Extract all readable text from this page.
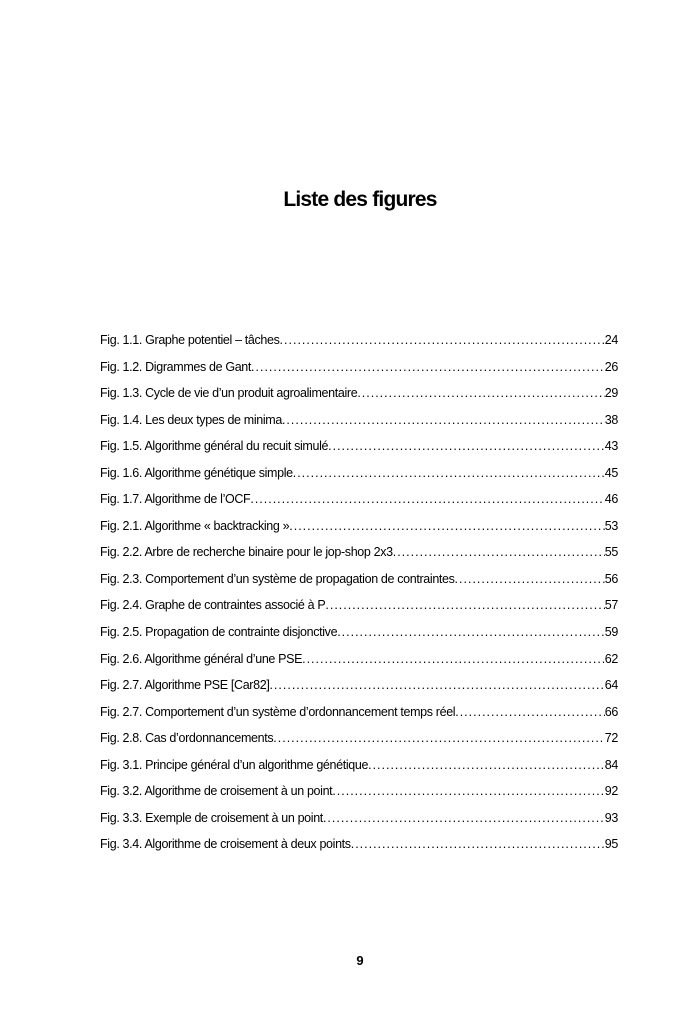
Liste des figures
Fig. 1.1. Graphe potentiel – tâches .....	24
Fig. 1.2. Digrammes de Gant .....	26
Fig. 1.3. Cycle de vie d’un produit agroalimentaire .....	29
Fig. 1.4. Les deux types de minima .....	38
Fig. 1.5. Algorithme général du recuit simulé .....	43
Fig. 1.6. Algorithme génétique simple .....	45
Fig. 1.7. Algorithme de l’OCF .....	46
Fig. 2.1. Algorithme « backtracking » .....	53
Fig. 2.2. Arbre de recherche binaire pour le jop-shop 2x3 .....	55
Fig. 2.3. Comportement d’un système de propagation de contraintes .....	56
Fig. 2.4. Graphe de contraintes associé à P .....	57
Fig. 2.5. Propagation de contrainte disjonctive .....	59
Fig. 2.6. Algorithme général d’une PSE .....	62
Fig. 2.7. Algorithme PSE [Car82] .....	64
Fig. 2.7. Comportement d’un système d’ordonnancement temps réel .....	66
Fig. 2.8. Cas d’ordonnancements .....	72
Fig. 3.1. Principe général d’un algorithme génétique .....	84
Fig. 3.2. Algorithme de croisement à un point .....	92
Fig. 3.3. Exemple de croisement à un point .....	93
Fig. 3.4. Algorithme de croisement à deux points .....	95
9
